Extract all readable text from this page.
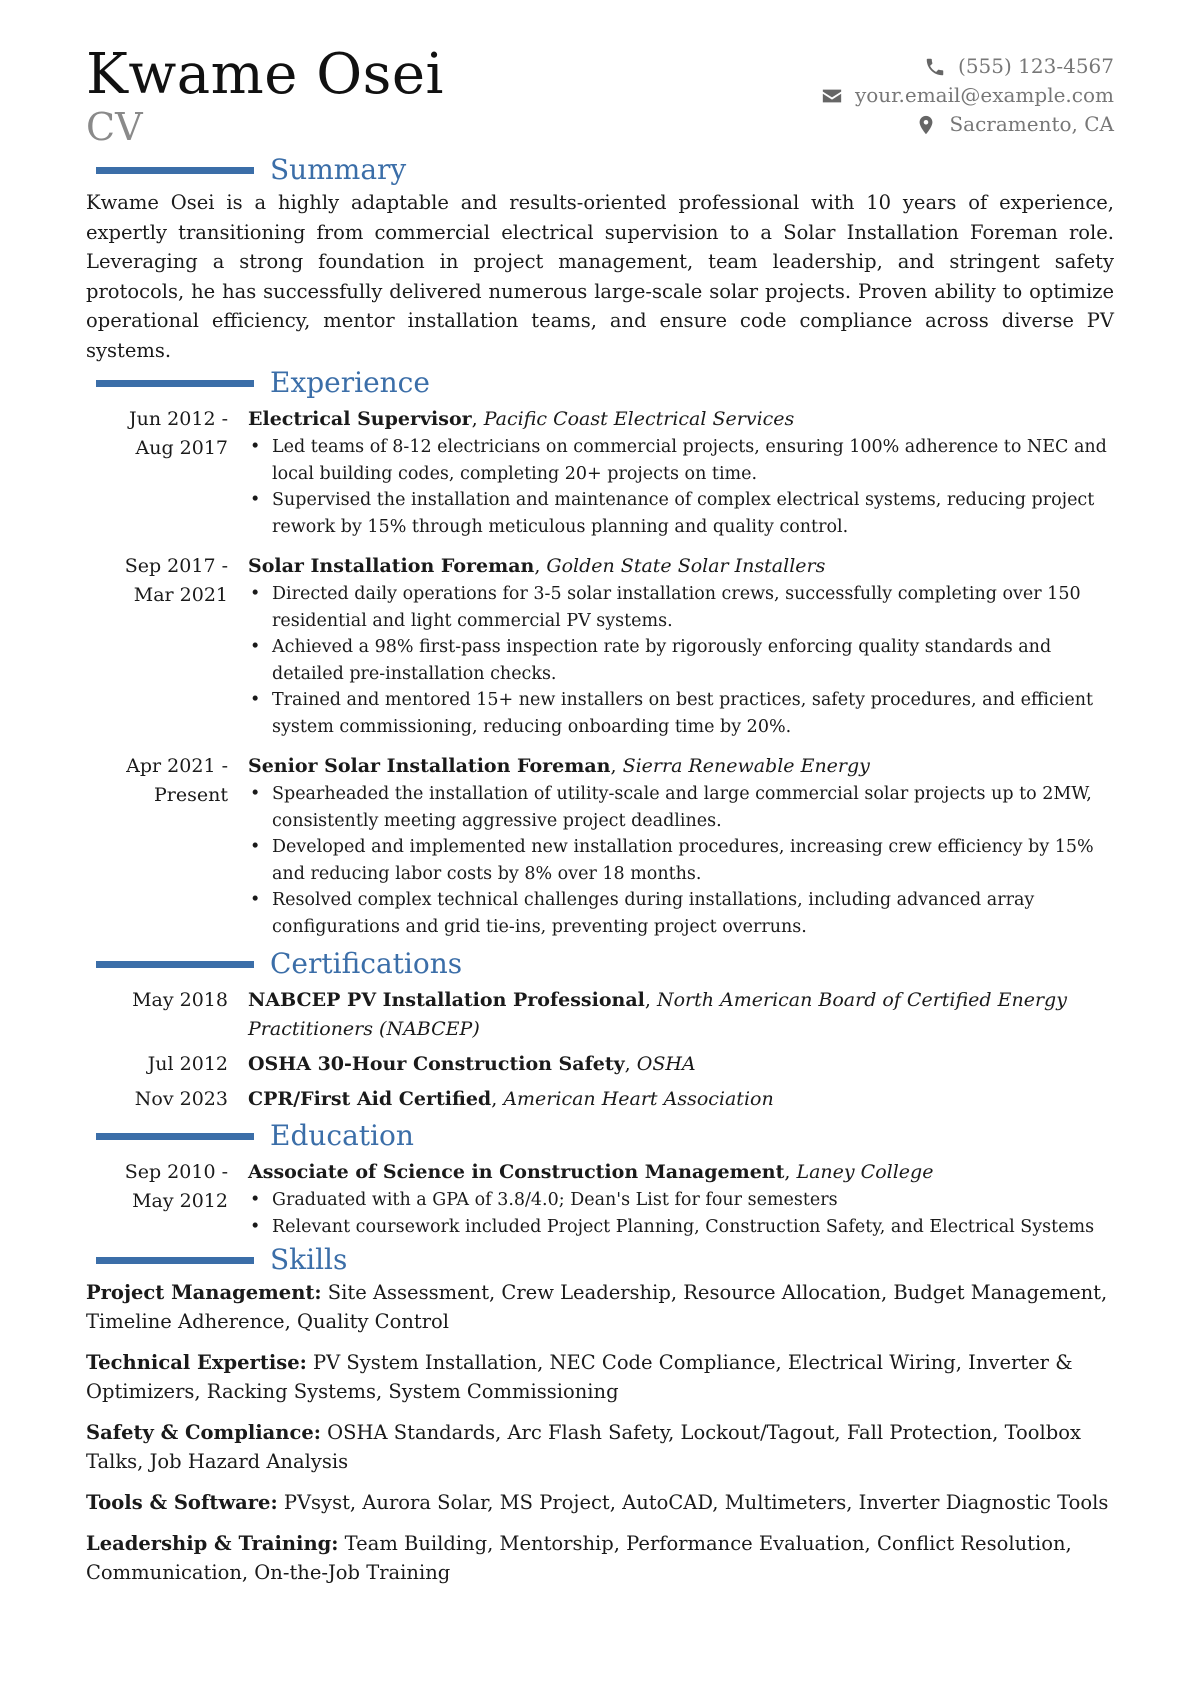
Kwame Osei
CV
(555) 123-4567
your.email@example.com
Sacramento, CA
Summary

Kwame Osei is a highly adaptable and results-oriented professional with 10 years of experience, expertly transitioning from commercial electrical supervision to a Solar Installation Foreman role. Leveraging a strong foundation in project management, team leadership, and stringent safety protocols, he has successfully delivered numerous large-scale solar projects. Proven ability to optimize operational efficiency, mentor installation teams, and ensure code compliance across diverse PV systems.

Experience
Jun 2012 - Aug 2017
Electrical Supervisor, Pacific Coast Electrical Services
• Led teams of 8-12 electricians on commercial projects, ensuring 100% adherence to NEC and local building codes, completing 20+ projects on time.
• Supervised the installation and maintenance of complex electrical systems, reducing project rework by 15% through meticulous planning and quality control.
Sep 2017 - Mar 2021
Solar Installation Foreman, Golden State Solar Installers
• Directed daily operations for 3-5 solar installation crews, successfully completing over 150 residential and light commercial PV systems.
• Achieved a 98% first-pass inspection rate by rigorously enforcing quality standards and detailed pre-installation checks.
• Trained and mentored 15+ new installers on best practices, safety procedures, and efficient system commissioning, reducing onboarding time by 20%.
Apr 2021 - Present
Senior Solar Installation Foreman, Sierra Renewable Energy
• Spearheaded the installation of utility-scale and large commercial solar projects up to 2MW, consistently meeting aggressive project deadlines.
• Developed and implemented new installation procedures, increasing crew efficiency by 15% and reducing labor costs by 8% over 18 months.
• Resolved complex technical challenges during installations, including advanced array configurations and grid tie-ins, preventing project overruns.
Certifications
May 2018	NABCEP PV Installation Professional, North American Board of Certified Energy Practitioners (NABCEP)
Jul 2012	OSHA 30-Hour Construction Safety, OSHA
Nov 2023	CPR/First Aid Certified, American Heart Association
Education
Sep 2010 - May 2012
Associate of Science in Construction Management, Laney College
• Graduated with a GPA of 3.8/4.0; Dean's List for four semesters
• Relevant coursework included Project Planning, Construction Safety, and Electrical Systems
Skills

Project Management: Site Assessment, Crew Leadership, Resource Allocation, Budget Management, Timeline Adherence, Quality Control

Technical Expertise: PV System Installation, NEC Code Compliance, Electrical Wiring, Inverter & Optimizers, Racking Systems, System Commissioning

Safety & Compliance: OSHA Standards, Arc Flash Safety, Lockout/Tagout, Fall Protection, Toolbox Talks, Job Hazard Analysis

Tools & Software: PVsyst, Aurora Solar, MS Project, AutoCAD, Multimeters, Inverter Diagnostic Tools

Leadership & Training: Team Building, Mentorship, Performance Evaluation, Conflict Resolution, Communication, On-the-Job Training
